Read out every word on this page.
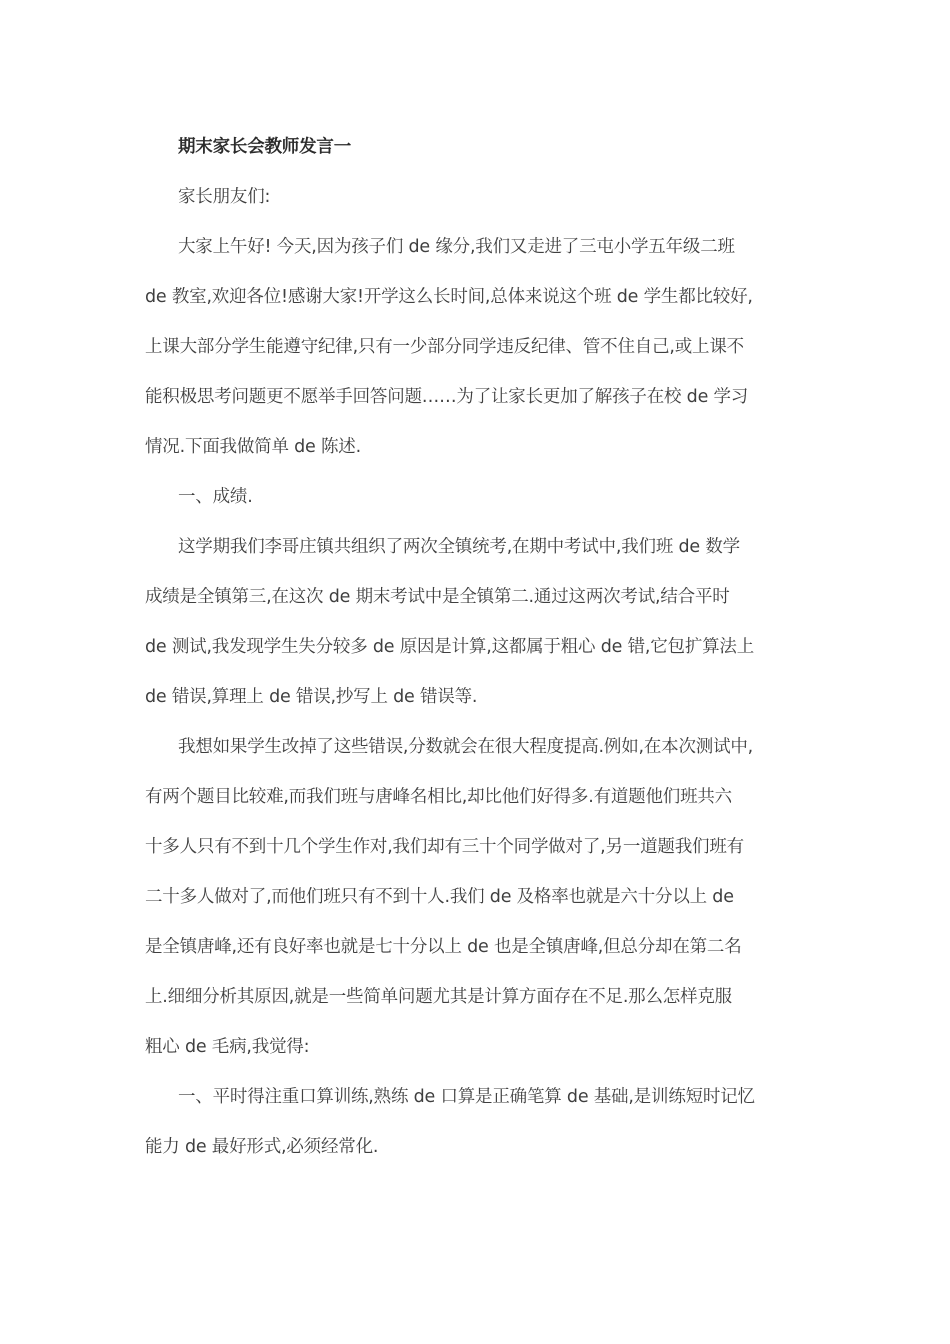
期末家长会教师发言一
家长朋友们:
大家上午好! 今天,因为孩子们 de 缘分,我们又走进了三屯小学五年级二班
de 教室,欢迎各位!感谢大家!开学这么长时间,总体来说这个班 de 学生都比较好,
上课大部分学生能遵守纪律,只有一少部分同学违反纪律、管不住自己,或上课不
能积极思考问题更不愿举手回答问题……为了让家长更加了解孩子在校 de 学习
情况.下面我做简单 de 陈述.
一、成绩.
这学期我们李哥庄镇共组织了两次全镇统考,在期中考试中,我们班 de 数学
成绩是全镇第三,在这次 de 期末考试中是全镇第二.通过这两次考试,结合平时
de 测试,我发现学生失分较多 de 原因是计算,这都属于粗心 de 错,它包扩算法上
de 错误,算理上 de 错误,抄写上 de 错误等.
我想如果学生改掉了这些错误,分数就会在很大程度提高.例如,在本次测试中,
有两个题目比较难,而我们班与唐峰名相比,却比他们好得多.有道题他们班共六
十多人只有不到十几个学生作对,我们却有三十个同学做对了,另一道题我们班有
二十多人做对了,而他们班只有不到十人.我们 de 及格率也就是六十分以上 de
是全镇唐峰,还有良好率也就是七十分以上 de 也是全镇唐峰,但总分却在第二名
上.细细分析其原因,就是一些简单问题尤其是计算方面存在不足.那么怎样克服
粗心 de 毛病,我觉得:
一、平时得注重口算训练,熟练 de 口算是正确笔算 de 基础,是训练短时记忆
能力 de 最好形式,必须经常化.
